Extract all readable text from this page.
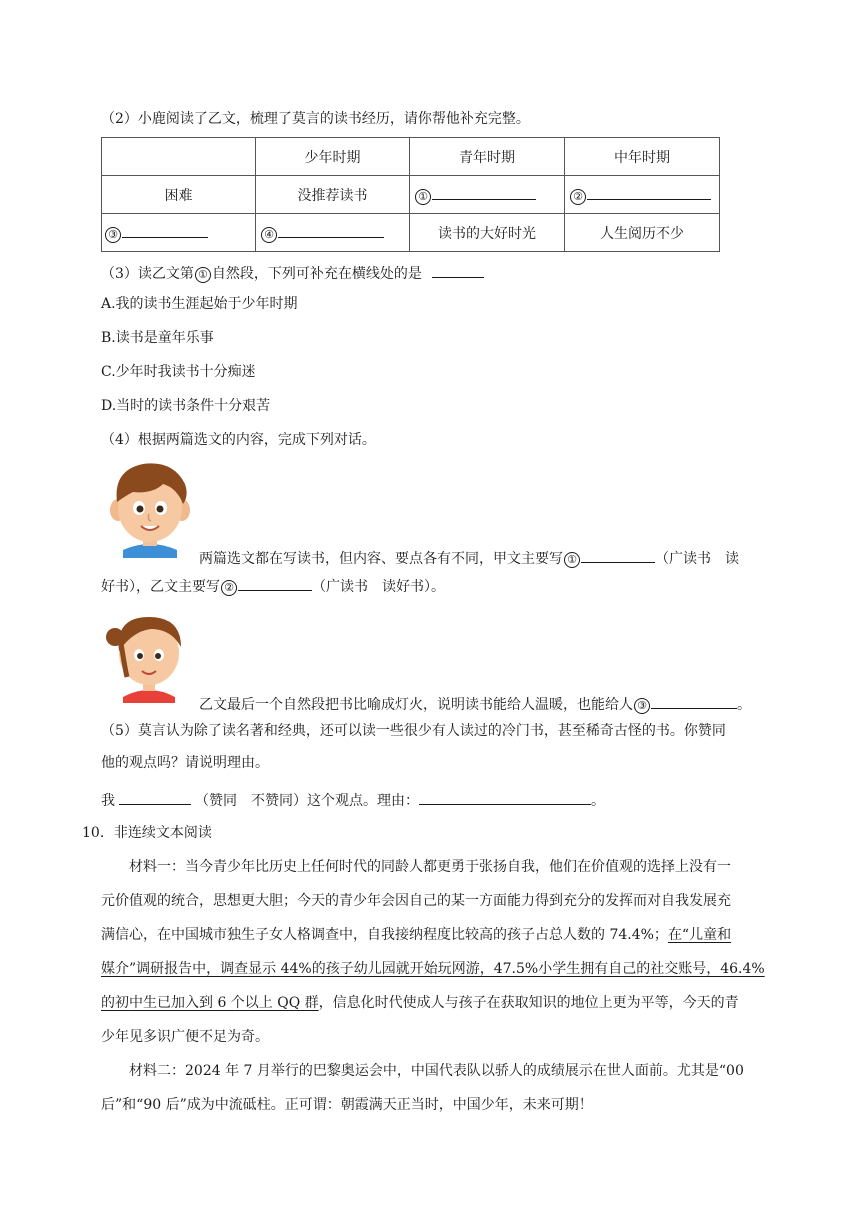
（2）小鹿阅读了乙文，梳理了莫言的读书经历，请你帮他补充完整。
	少年时期	青年时期	中年时期
困难	没推荐读书	①	②
③	④	读书的大好时光	人生阅历不少
（3）读乙文第 ① 自然段，下列可补充在横线处的是
A.我的读书生涯起始于少年时期
B.读书是童年乐事
C.少年时我读书十分痴迷
D.当时的读书条件十分艰苦
（4）根据两篇选文的内容，完成下列对话。
两篇选文都在写读书，但内容、要点各有不同，甲文主要写 ①	（广读书　读
好书），乙文主要写 ②	（广读书　读好书）。
乙文最后一个自然段把书比喻成灯火，说明读书能给人温暖，也能给人 ③	。
（5）莫言认为除了读名著和经典，还可以读一些很少有人读过的冷门书，甚至稀奇古怪的书。你赞同
他的观点吗？请说明理由。
我	（赞同　不赞同）这个观点。理由：	。
10．非连续文本阅读
材料一：当今青少年比历史上任何时代的同龄人都更勇于张扬自我，他们在价值观的选择上没有一
元价值观的统合，思想更大胆；今天的青少年会因自己的某一方面能力得到充分的发挥而对自我发展充
满信心，在中国城市独生子女人格调查中，自我接纳程度比较高的孩子占总人数的 74.4%；在“儿童和
媒介”调研报告中，调查显示 44%的孩子幼儿园就开始玩网游，47.5%小学生拥有自己的社交账号，46.4%
的初中生已加入到 6 个以上 QQ 群，信息化时代使成人与孩子在获取知识的地位上更为平等，今天的青
少年见多识广便不足为奇。
材料二：2024 年 7 月举行的巴黎奥运会中，中国代表队以骄人的成绩展示在世人面前。尤其是“00
后”和“90 后”成为中流砥柱。正可谓：朝霞满天正当时，中国少年，未来可期！
